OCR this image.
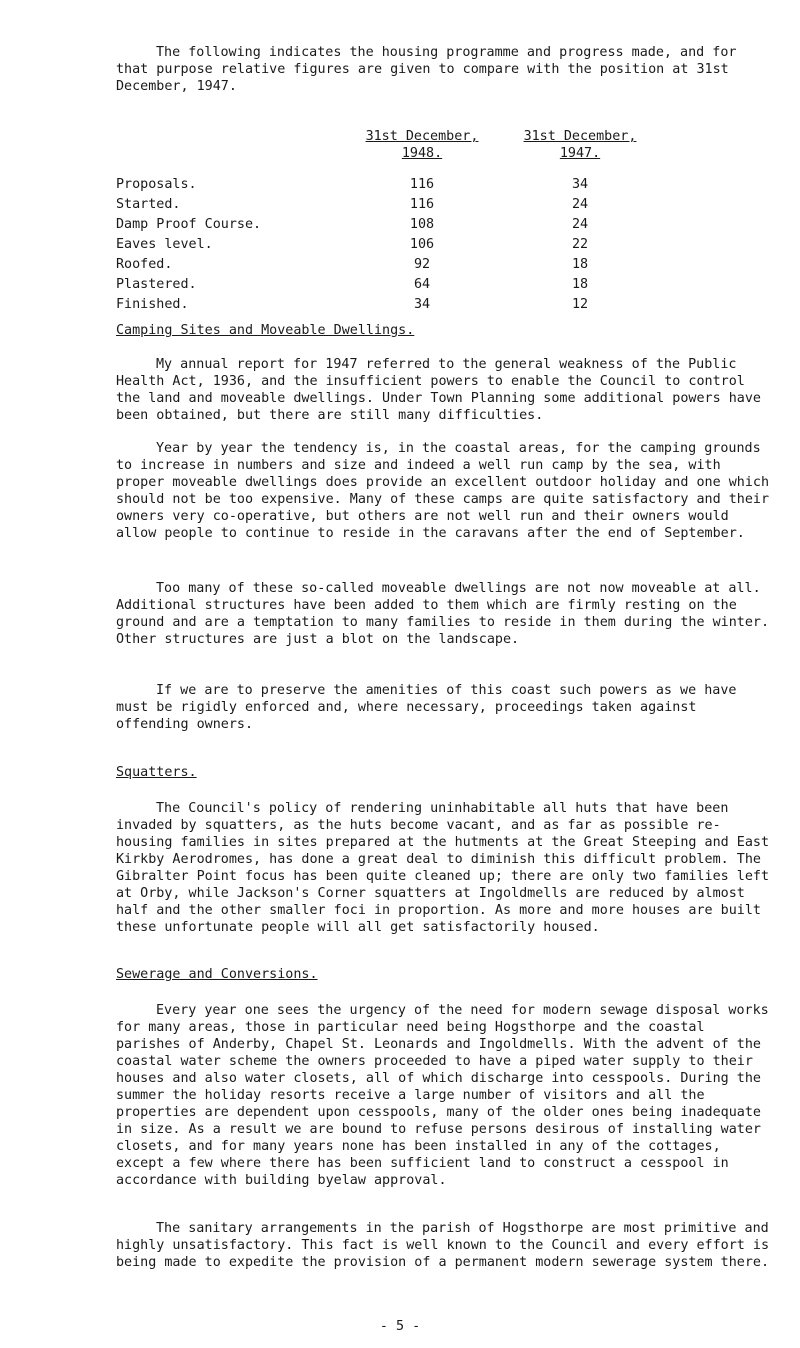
The following indicates the housing programme and progress made, and for that purpose relative figures are given to compare with the position at 31st December, 1947.

31st December,
1948.
31st December,
1947.
Proposals.	116	34
Started.	116	24
Damp Proof Course.	108	24
Eaves level.	106	22
Roofed.	92	18
Plastered.	64	18
Finished.	34	12

Camping Sites and Moveable Dwellings.

My annual report for 1947 referred to the general weakness of the Public Health Act, 1936, and the insufficient powers to enable the Council to control the land and moveable dwellings. Under Town Planning some additional powers have been obtained, but there are still many difficulties.

Year by year the tendency is, in the coastal areas, for the camping grounds to increase in numbers and size and indeed a well run camp by the sea, with proper moveable dwellings does provide an excellent outdoor holiday and one which should not be too expensive. Many of these camps are quite satisfactory and their owners very co-operative, but others are not well run and their owners would allow people to continue to reside in the caravans after the end of September.

Too many of these so-called moveable dwellings are not now moveable at all. Additional structures have been added to them which are firmly resting on the ground and are a temptation to many families to reside in them during the winter. Other structures are just a blot on the landscape.

If we are to preserve the amenities of this coast such powers as we have must be rigidly enforced and, where necessary, proceedings taken against offending owners.

Squatters.

The Council's policy of rendering uninhabitable all huts that have been invaded by squatters, as the huts become vacant, and as far as possible re-housing families in sites prepared at the hutments at the Great Steeping and East Kirkby Aerodromes, has done a great deal to diminish this difficult problem. The Gibralter Point focus has been quite cleaned up; there are only two families left at Orby, while Jackson's Corner squatters at Ingoldmells are reduced by almost half and the other smaller foci in proportion. As more and more houses are built these unfortunate people will all get satisfactorily housed.

Sewerage and Conversions.

Every year one sees the urgency of the need for modern sewage disposal works for many areas, those in particular need being Hogsthorpe and the coastal parishes of Anderby, Chapel St. Leonards and Ingoldmells. With the advent of the coastal water scheme the owners proceeded to have a piped water supply to their houses and also water closets, all of which discharge into cesspools. During the summer the holiday resorts receive a large number of visitors and all the properties are dependent upon cesspools, many of the older ones being inadequate in size. As a result we are bound to refuse persons desirous of installing water closets, and for many years none has been installed in any of the cottages, except a few where there has been sufficient land to construct a cesspool in accordance with building byelaw approval.

The sanitary arrangements in the parish of Hogsthorpe are most primitive and highly unsatisfactory. This fact is well known to the Council and every effort is being made to expedite the provision of a permanent modern sewerage system there.

- 5 -
